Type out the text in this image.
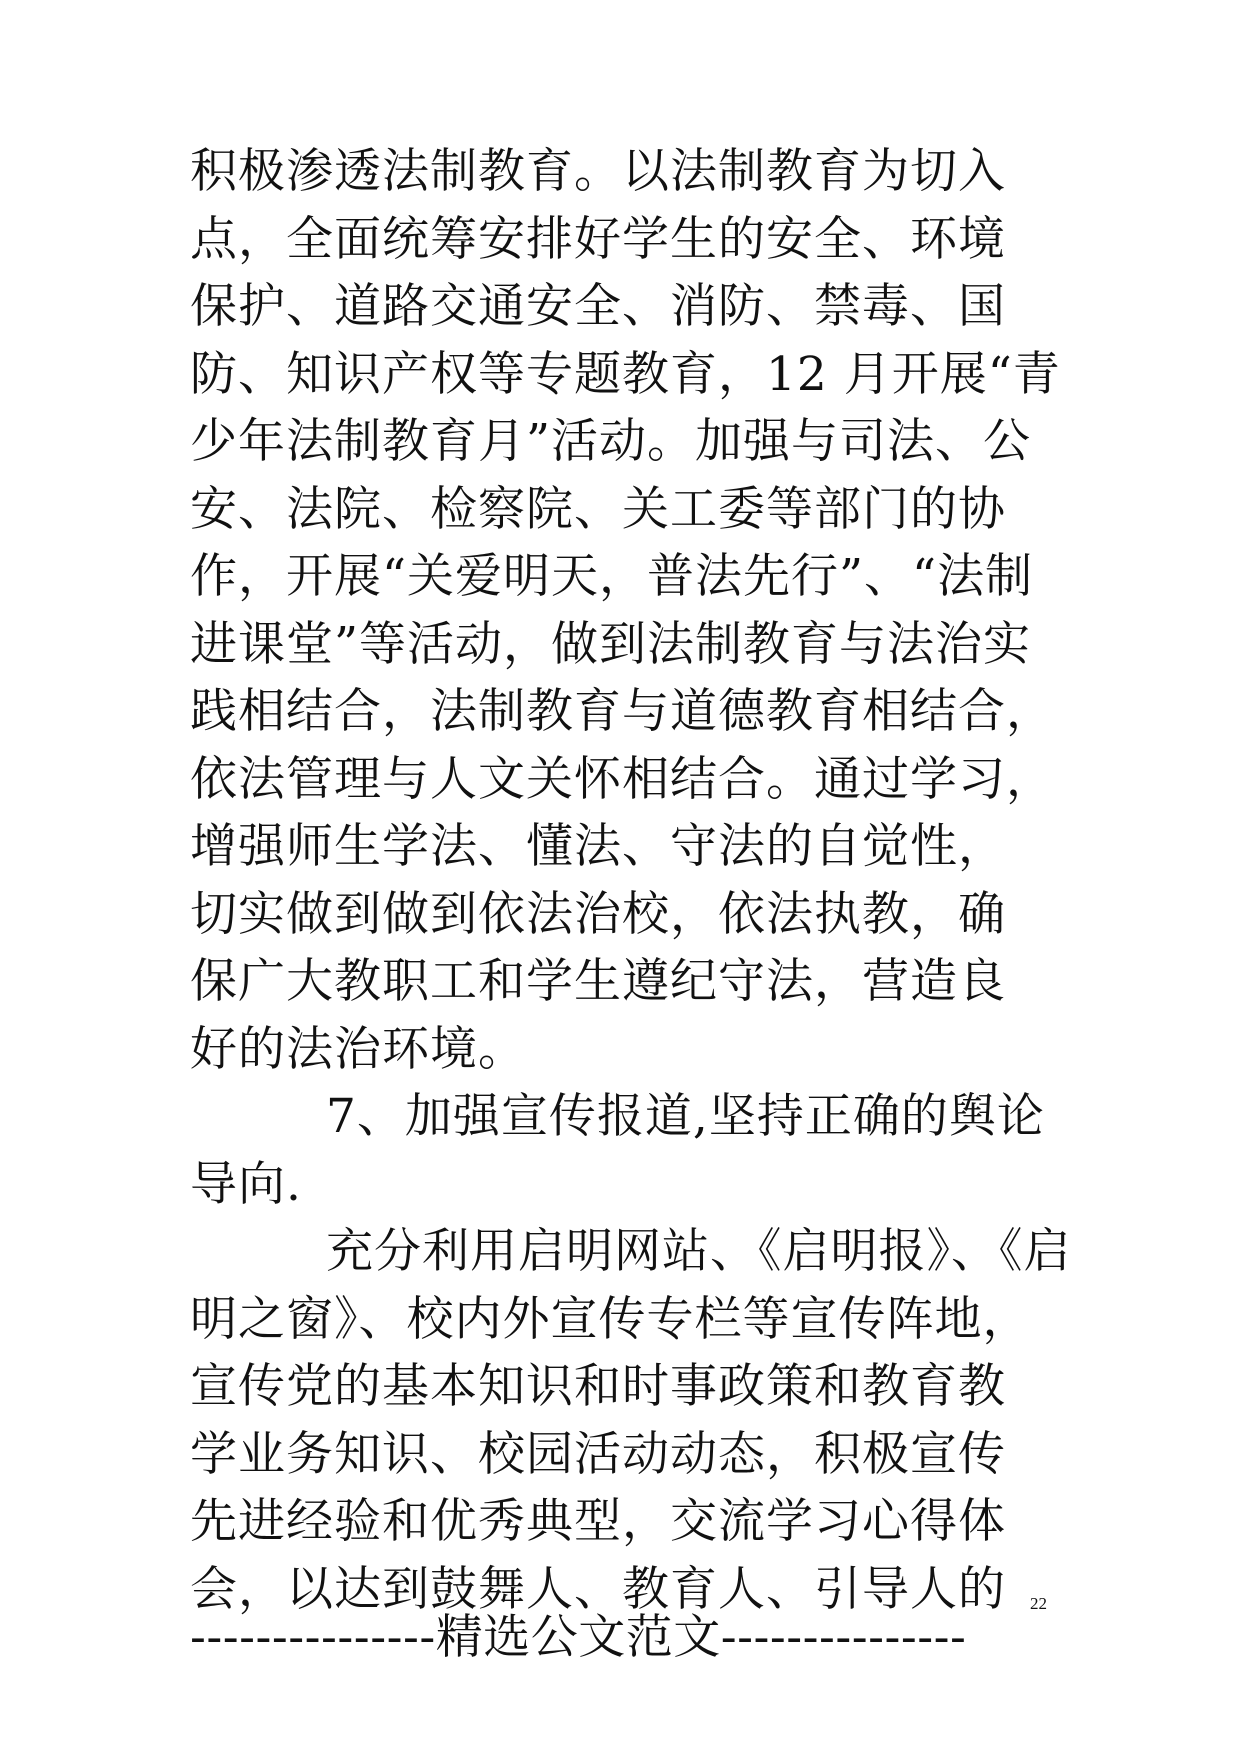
积极渗透法制教育。以法制教育为切入
点，全面统筹安排好学生的安全、环境
保护、道路交通安全、消防、禁毒、国
防、知识产权等专题教育，12 月开展“青
少年法制教育月”活动。加强与司法、公
安、法院、检察院、关工委等部门的协
作，开展“关爱明天，普法先行”、“法制
进课堂”等活动，做到法制教育与法治实
践相结合，法制教育与道德教育相结合，
依法管理与人文关怀相结合。通过学习，
增强师生学法、懂法、守法的自觉性，
切实做到做到依法治校，依法执教，确
保广大教职工和学生遵纪守法，营造良
好的法治环境。
7、加强宣传报道,坚持正确的舆论
导向.
充分利用启明网站、《启明报》、《启
明之窗》、校内外宣传专栏等宣传阵地，
宣传党的基本知识和时事政策和教育教
学业务知识、校园活动动态，积极宣传
先进经验和优秀典型，交流学习心得体
会，以达到鼓舞人、教育人、引导人的	22
---------------精选公文范文---------------
